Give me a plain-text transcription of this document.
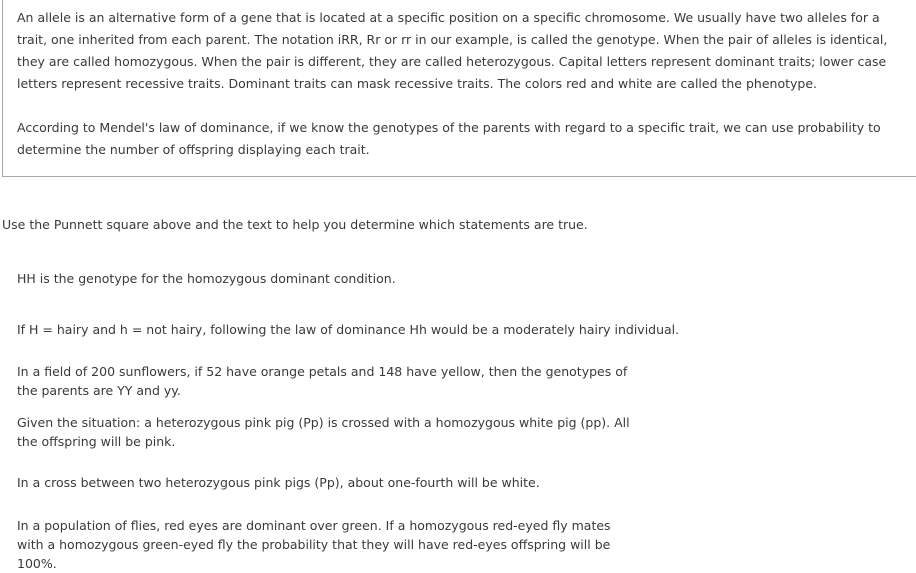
An allele is an alternative form of a gene that is located at a specific position on a specific chromosome. We usually have two alleles for a trait, one inherited from each parent. The notation iRR, Rr or rr in our example, is called the genotype. When the pair of alleles is identical, they are called homozygous. When the pair is different, they are called heterozygous. Capital letters represent dominant traits; lower case letters represent recessive traits. Dominant traits can mask recessive traits. The colors red and white are called the phenotype.

According to Mendel's law of dominance, if we know the genotypes of the parents with regard to a specific trait, we can use probability to determine the number of offspring displaying each trait.

Use the Punnett square above and the text to help you determine which statements are true.

HH is the genotype for the homozygous dominant condition.
If H = hairy and h = not hairy, following the law of dominance Hh would be a moderately hairy individual.
In a field of 200 sunflowers, if 52 have orange petals and 148 have yellow, then the genotypes of the parents are YY and yy.
Given the situation: a heterozygous pink pig (Pp) is crossed with a homozygous white pig (pp). All the offspring will be pink.
In a cross between two heterozygous pink pigs (Pp), about one-fourth will be white.
In a population of flies, red eyes are dominant over green. If a homozygous red-eyed fly mates with a homozygous green-eyed fly the probability that they will have red-eyes offspring will be 100%.
